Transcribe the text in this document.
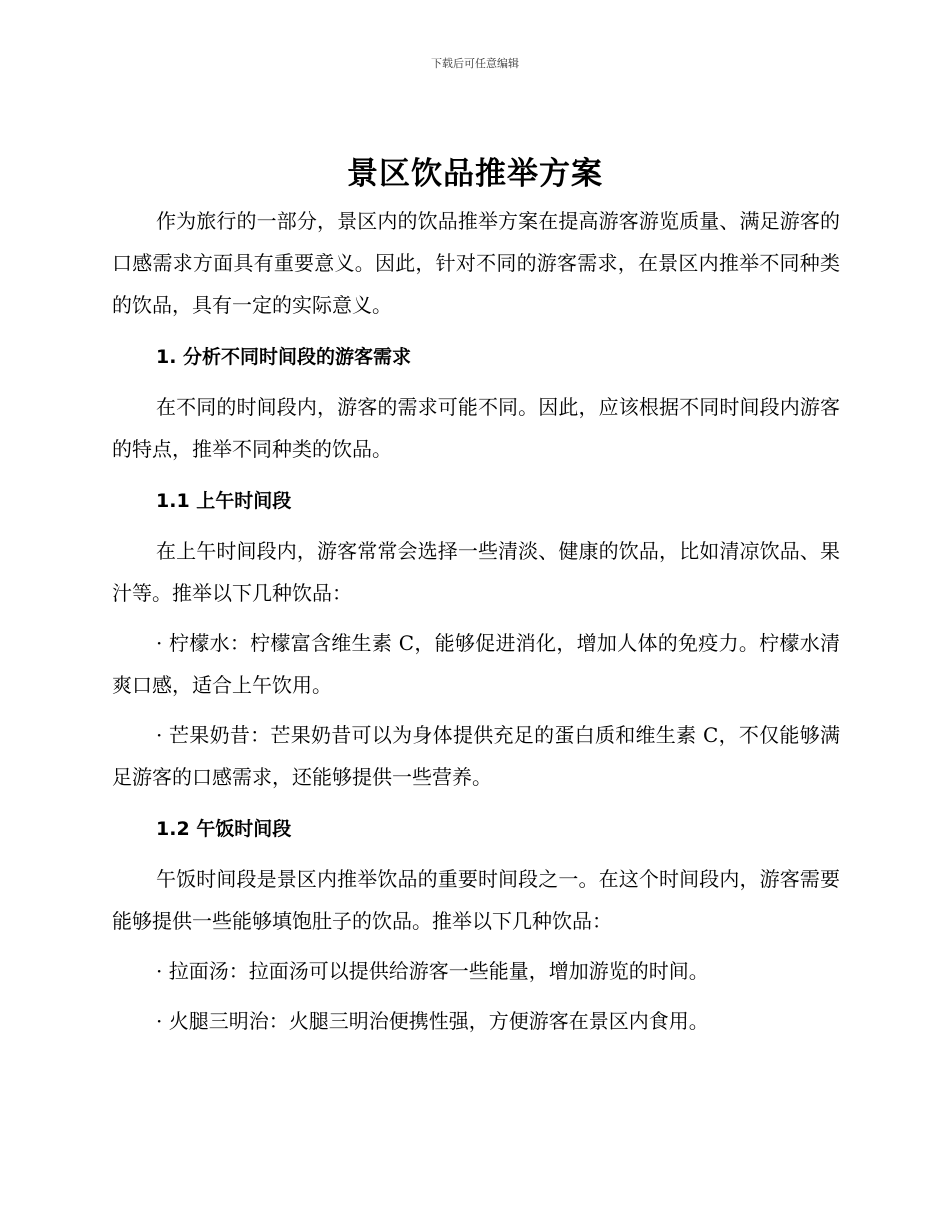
下载后可任意编辑
景区饮品推举方案

作为旅行的一部分，景区内的饮品推举方案在提高游客游览质量、满足游客的口感需求方面具有重要意义。因此，针对不同的游客需求，在景区内推举不同种类的饮品，具有一定的实际意义。

1. 分析不同时间段的游客需求

在不同的时间段内，游客的需求可能不同。因此，应该根据不同时间段内游客的特点，推举不同种类的饮品。

1.1 上午时间段

在上午时间段内，游客常常会选择一些清淡、健康的饮品，比如清凉饮品、果汁等。推举以下几种饮品：

· 柠檬水：柠檬富含维生素 C，能够促进消化，增加人体的免疫力。柠檬水清爽口感，适合上午饮用。

· 芒果奶昔：芒果奶昔可以为身体提供充足的蛋白质和维生素 C，不仅能够满足游客的口感需求，还能够提供一些营养。

1.2 午饭时间段

午饭时间段是景区内推举饮品的重要时间段之一。在这个时间段内，游客需要能够提供一些能够填饱肚子的饮品。推举以下几种饮品：

· 拉面汤：拉面汤可以提供给游客一些能量，增加游览的时间。

· 火腿三明治：火腿三明治便携性强，方便游客在景区内食用。
